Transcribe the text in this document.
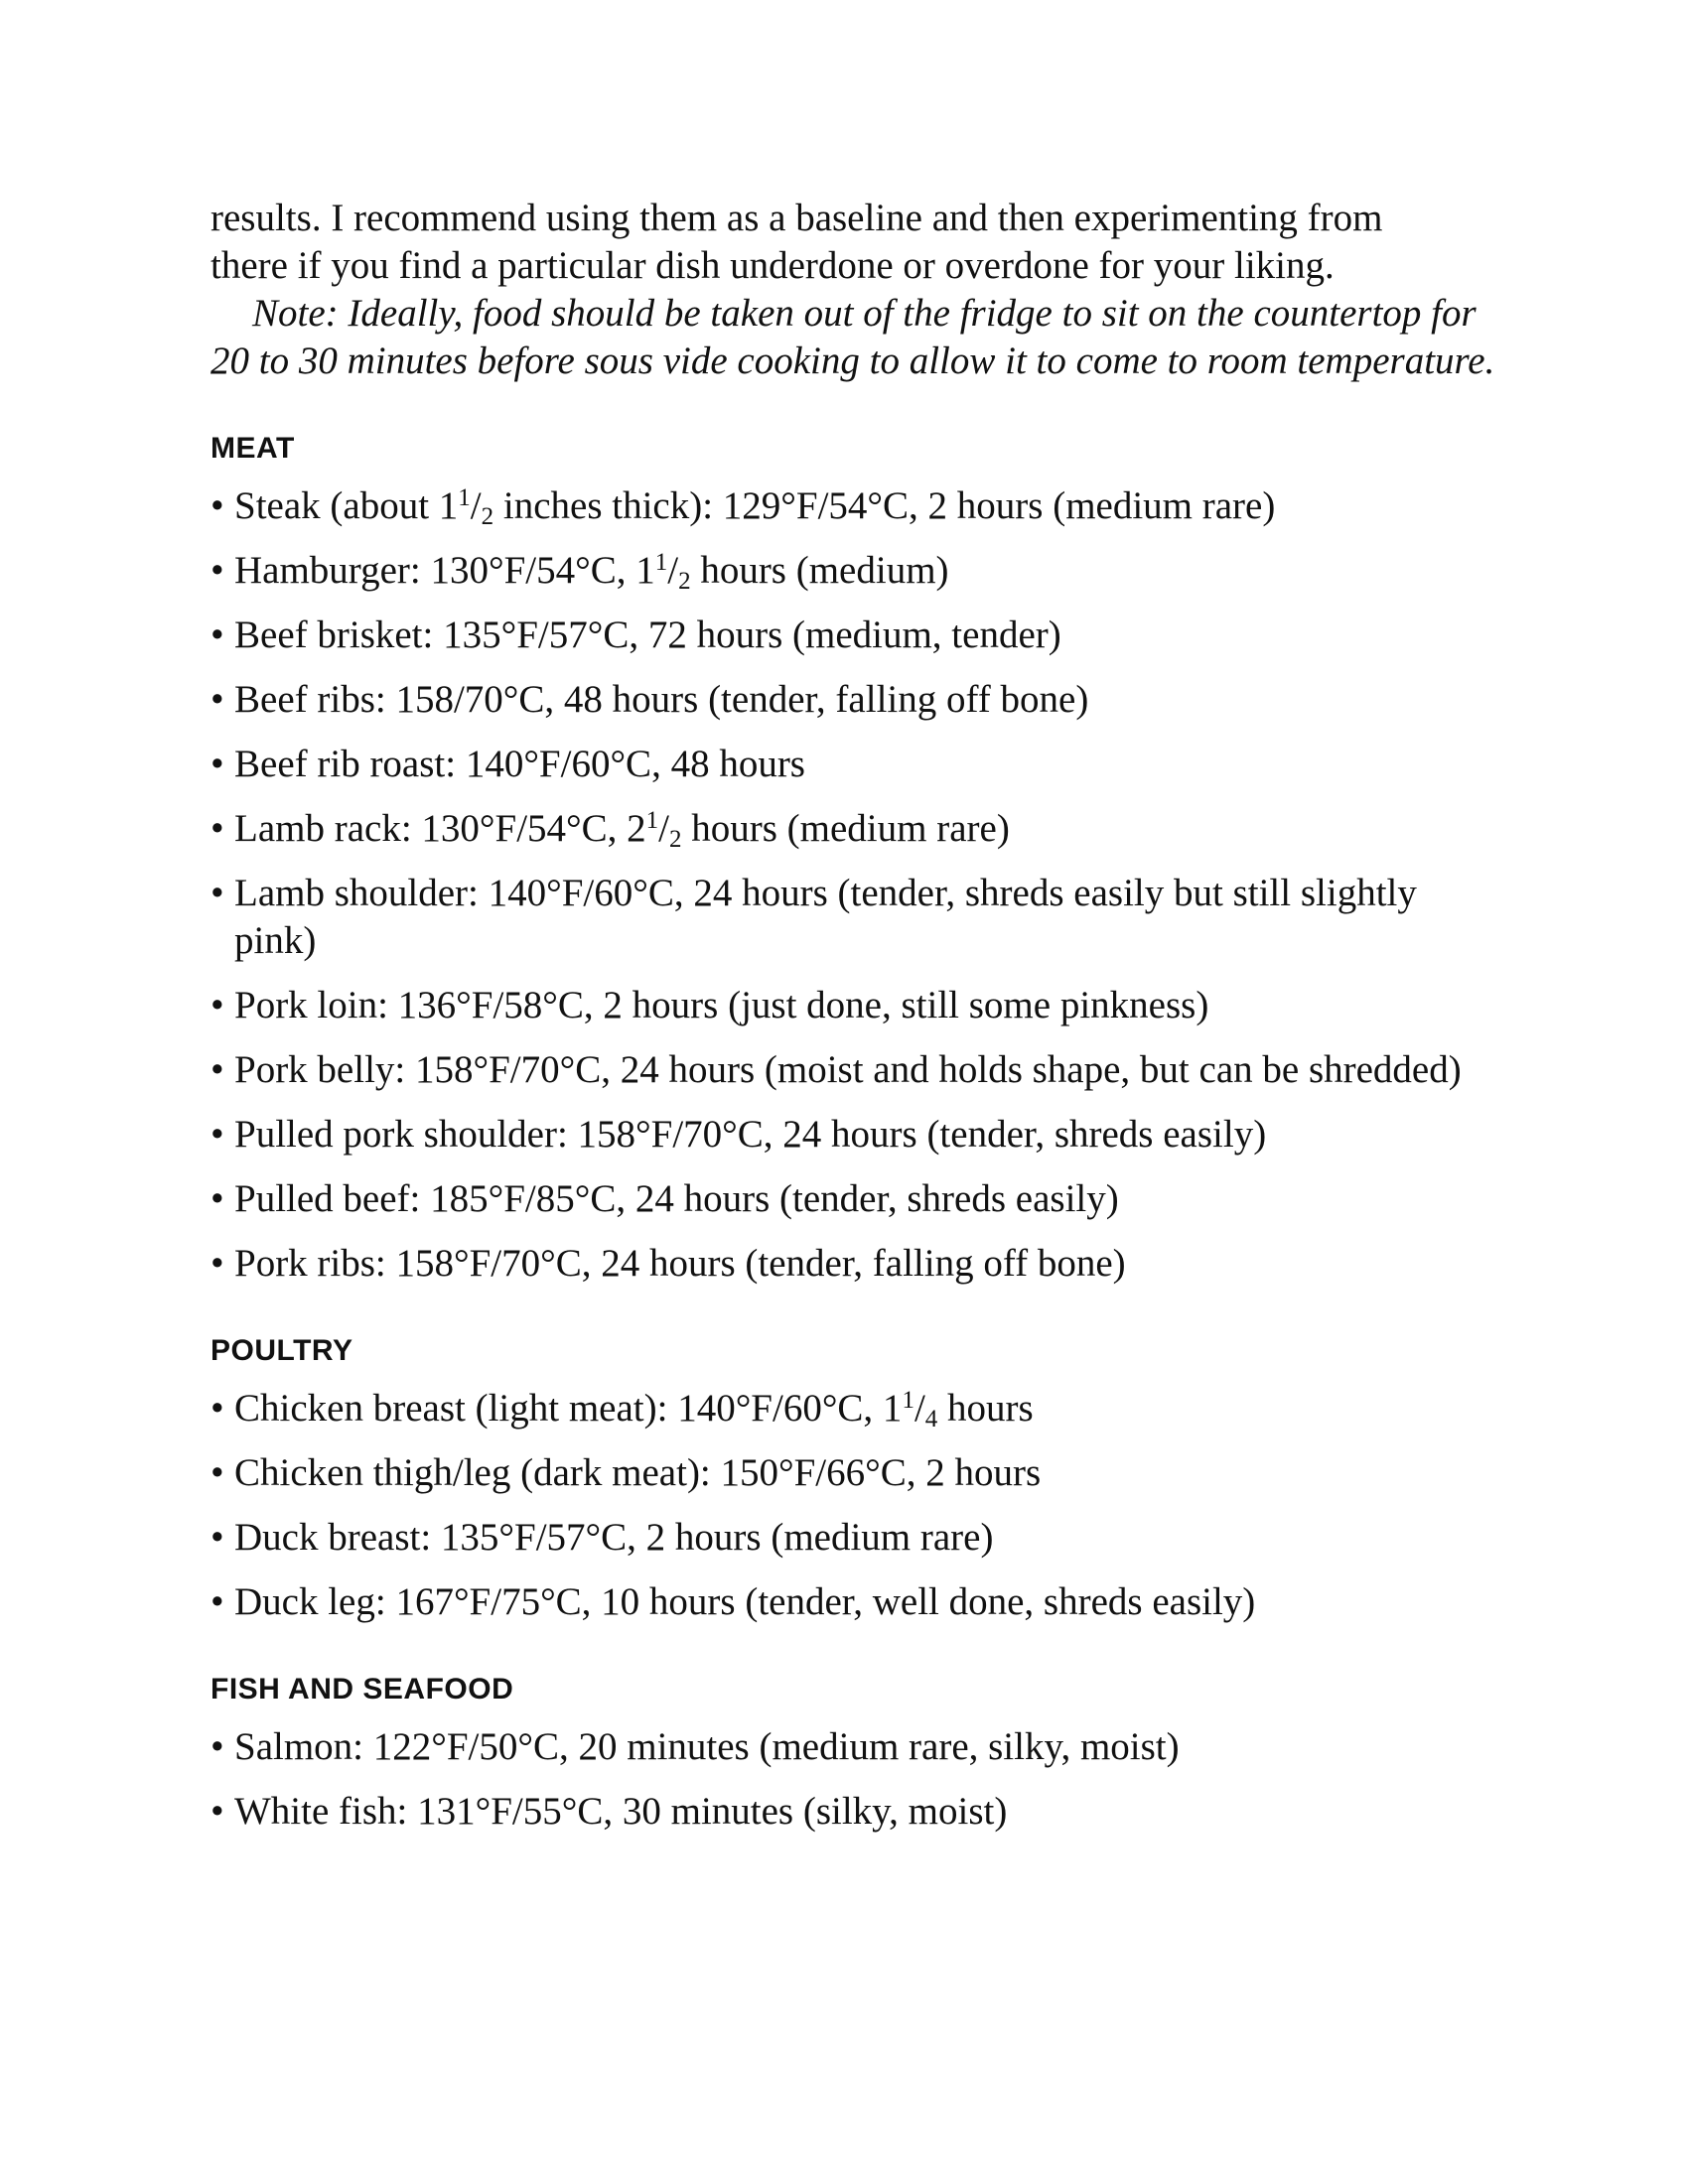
results. I recommend using them as a baseline and then experimenting from
there if you find a particular dish underdone or overdone for your liking.

Note: Ideally, food should be taken out of the fridge to sit on the countertop for 20 to 30 minutes before sous vide cooking to allow it to come to room temperature.

MEAT
• Steak (about $1^1/_2$ inches thick): 129°F/54°C, 2 hours (medium rare)
• Hamburger: 130°F/54°C, $1^1/_2$ hours (medium)
• Beef brisket: 135°F/57°C, 72 hours (medium, tender)
• Beef ribs: 158/70°C, 48 hours (tender, falling off bone)
• Beef rib roast: 140°F/60°C, 48 hours
• Lamb rack: 130°F/54°C, $2^1/_2$ hours (medium rare)
• Lamb shoulder: 140°F/60°C, 24 hours (tender, shreds easily but still slightly pink)
• Pork loin: 136°F/58°C, 2 hours (just done, still some pinkness)
• Pork belly: 158°F/70°C, 24 hours (moist and holds shape, but can be shredded)
• Pulled pork shoulder: 158°F/70°C, 24 hours (tender, shreds easily)
• Pulled beef: 185°F/85°C, 24 hours (tender, shreds easily)
• Pork ribs: 158°F/70°C, 24 hours (tender, falling off bone)
POULTRY
• Chicken breast (light meat): 140°F/60°C, $1^1/_4$ hours
• Chicken thigh/leg (dark meat): 150°F/66°C, 2 hours
• Duck breast: 135°F/57°C, 2 hours (medium rare)
• Duck leg: 167°F/75°C, 10 hours (tender, well done, shreds easily)
FISH AND SEAFOOD
• Salmon: 122°F/50°C, 20 minutes (medium rare, silky, moist)
• White fish: 131°F/55°C, 30 minutes (silky, moist)
